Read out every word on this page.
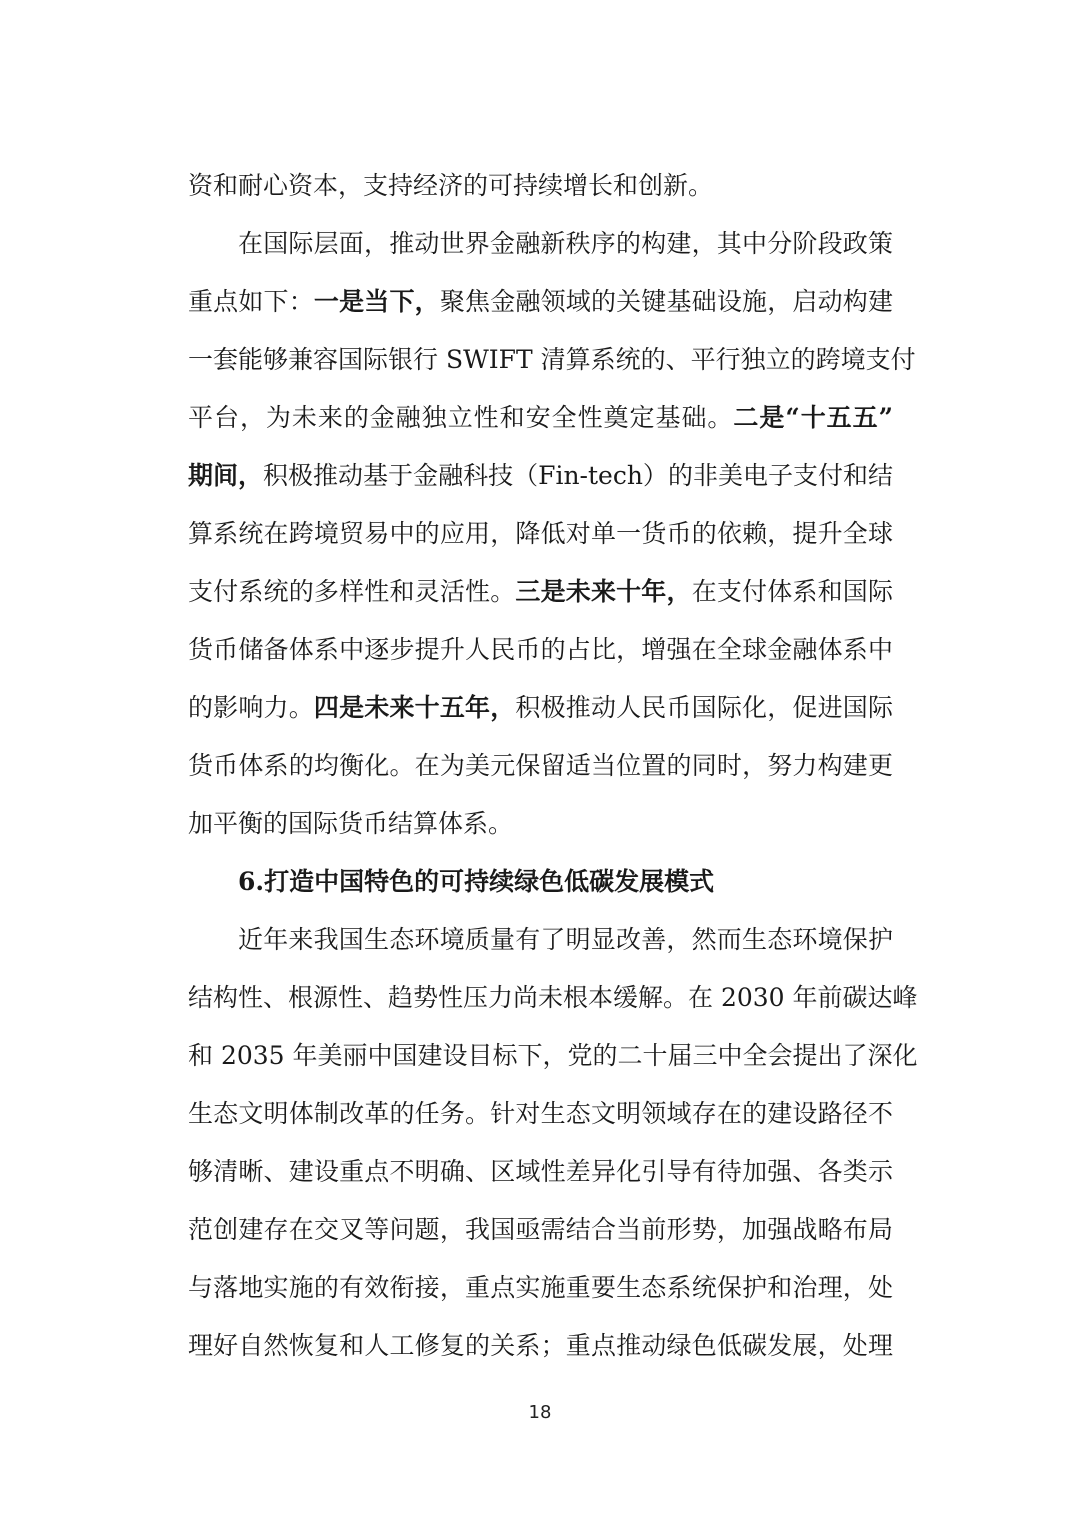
资和耐心资本，支持经济的可持续增长和创新。
在国际层面，推动世界金融新秩序的构建，其中分阶段政策
重点如下：一是当下，聚焦金融领域的关键基础设施，启动构建
一套能够兼容国际银行 SWIFT 清算系统的、平行独立的跨境支付
平台，为未来的金融独立性和安全性奠定基础。二是“十五五”
期间，积极推动基于金融科技（Fin-tech）的非美电子支付和结
算系统在跨境贸易中的应用，降低对单一货币的依赖，提升全球
支付系统的多样性和灵活性。三是未来十年，在支付体系和国际
货币储备体系中逐步提升人民币的占比，增强在全球金融体系中
的影响力。四是未来十五年，积极推动人民币国际化，促进国际
货币体系的均衡化。在为美元保留适当位置的同时，努力构建更
加平衡的国际货币结算体系。
6.打造中国特色的可持续绿色低碳发展模式
近年来我国生态环境质量有了明显改善，然而生态环境保护
结构性、根源性、趋势性压力尚未根本缓解。在 2030 年前碳达峰
和 2035 年美丽中国建设目标下，党的二十届三中全会提出了深化
生态文明体制改革的任务。针对生态文明领域存在的建设路径不
够清晰、建设重点不明确、区域性差异化引导有待加强、各类示
范创建存在交叉等问题，我国亟需结合当前形势，加强战略布局
与落地实施的有效衔接，重点实施重要生态系统保护和治理，处
理好自然恢复和人工修复的关系；重点推动绿色低碳发展，处理
18
